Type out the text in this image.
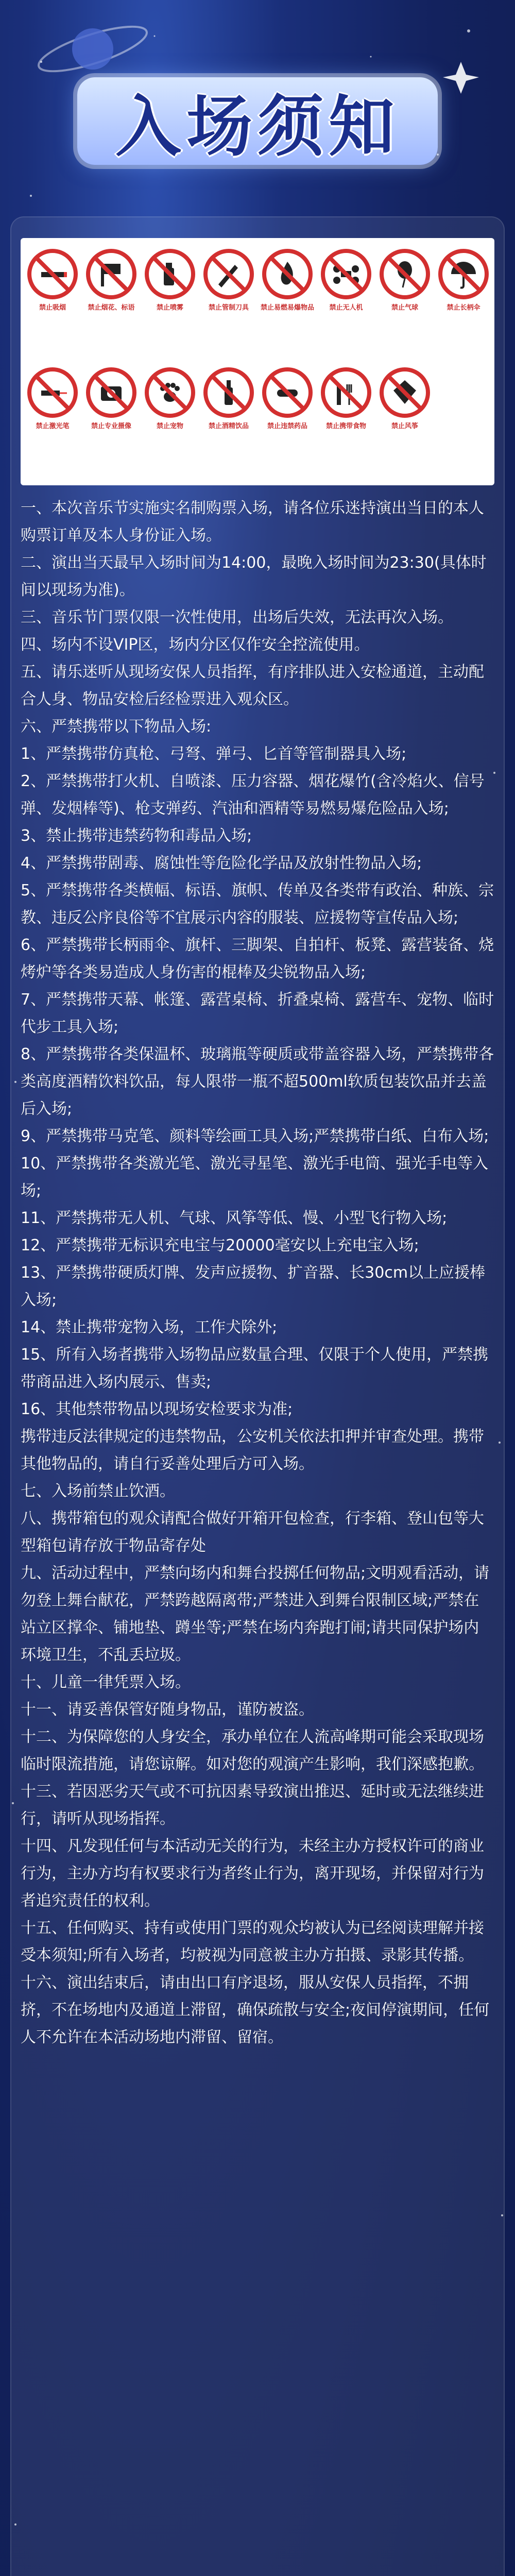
入场须知
禁止吸烟	禁止烟花、标语	禁止喷雾	禁止管制刀具	禁止易燃易爆物品	禁止无人机	禁止气球	禁止长柄伞
禁止激光笔	禁止专业摄像	禁止宠物	禁止酒精饮品	禁止违禁药品	禁止携带食物	禁止风筝

一、本次音乐节实施实名制购票入场，请各位乐迷持演出当日的本人购票订单及本人身份证入场。

二、演出当天最早入场时间为14:00，最晚入场时间为23:30(具体时间以现场为准)。

三、音乐节门票仅限一次性使用，出场后失效，无法再次入场。

四、场内不设VIP区，场内分区仅作安全控流使用。

五、请乐迷听从现场安保人员指挥，有序排队进入安检通道，主动配合人身、物品安检后经检票进入观众区。

六、严禁携带以下物品入场:

1、严禁携带仿真枪、弓弩、弹弓、匕首等管制器具入场;

2、严禁携带打火机、自喷漆、压力容器、烟花爆竹(含冷焰火、信号弹、发烟棒等)、枪支弹药、汽油和酒精等易燃易爆危险品入场;

3、禁止携带违禁药物和毒品入场;

4、严禁携带剧毒、腐蚀性等危险化学品及放射性物品入场;

5、严禁携带各类横幅、标语、旗帜、传单及各类带有政治、种族、宗教、违反公序良俗等不宜展示内容的服装、应援物等宣传品入场;

6、严禁携带长柄雨伞、旗杆、三脚架、自拍杆、板凳、露营装备、烧烤炉等各类易造成人身伤害的棍棒及尖锐物品入场;

7、严禁携带天幕、帐篷、露营桌椅、折叠桌椅、露营车、宠物、临时代步工具入场;

8、严禁携带各类保温杯、玻璃瓶等硬质或带盖容器入场，严禁携带各类高度酒精饮料饮品，每人限带一瓶不超500ml软质包装饮品并去盖后入场;

9、严禁携带马克笔、颜料等绘画工具入场;严禁携带白纸、白布入场;

10、严禁携带各类激光笔、激光寻星笔、激光手电筒、强光手电等入场;

11、严禁携带无人机、气球、风筝等低、慢、小型飞行物入场;

12、严禁携带无标识充电宝与20000毫安以上充电宝入场;

13、严禁携带硬质灯牌、发声应援物、扩音器、长30cm以上应援棒入场;

14、禁止携带宠物入场，工作犬除外;

15、所有入场者携带入场物品应数量合理、仅限于个人使用，严禁携带商品进入场内展示、售卖;

16、其他禁带物品以现场安检要求为准;

携带违反法律规定的违禁物品，公安机关依法扣押并审查处理。携带其他物品的，请自行妥善处理后方可入场。

七、入场前禁止饮酒。

八、携带箱包的观众请配合做好开箱开包检查，行李箱、登山包等大型箱包请存放于物品寄存处

九、活动过程中，严禁向场内和舞台投掷任何物品;文明观看活动，请勿登上舞台献花，严禁跨越隔离带;严禁进入到舞台限制区域;严禁在站立区撑伞、铺地垫、蹲坐等;严禁在场内奔跑打闹;请共同保护场内环境卫生，不乱丢垃圾。

十、儿童一律凭票入场。

十一、请妥善保管好随身物品，谨防被盗。

十二、为保障您的人身安全，承办单位在人流高峰期可能会采取现场临时限流措施，请您谅解。如对您的观演产生影响，我们深感抱歉。

十三、若因恶劣天气或不可抗因素导致演出推迟、延时或无法继续进行，请听从现场指挥。

十四、凡发现任何与本活动无关的行为，未经主办方授权许可的商业行为，主办方均有权要求行为者终止行为，离开现场，并保留对行为者追究责任的权利。

十五、任何购买、持有或使用门票的观众均被认为已经阅读理解并接受本须知;所有入场者，均被视为同意被主办方拍摄、录影其传播。

十六、演出结束后，请由出口有序退场，服从安保人员指挥，不拥挤，不在场地内及通道上滞留，确保疏散与安全;夜间停演期间，任何人不允许在本活动场地内滞留、留宿。
